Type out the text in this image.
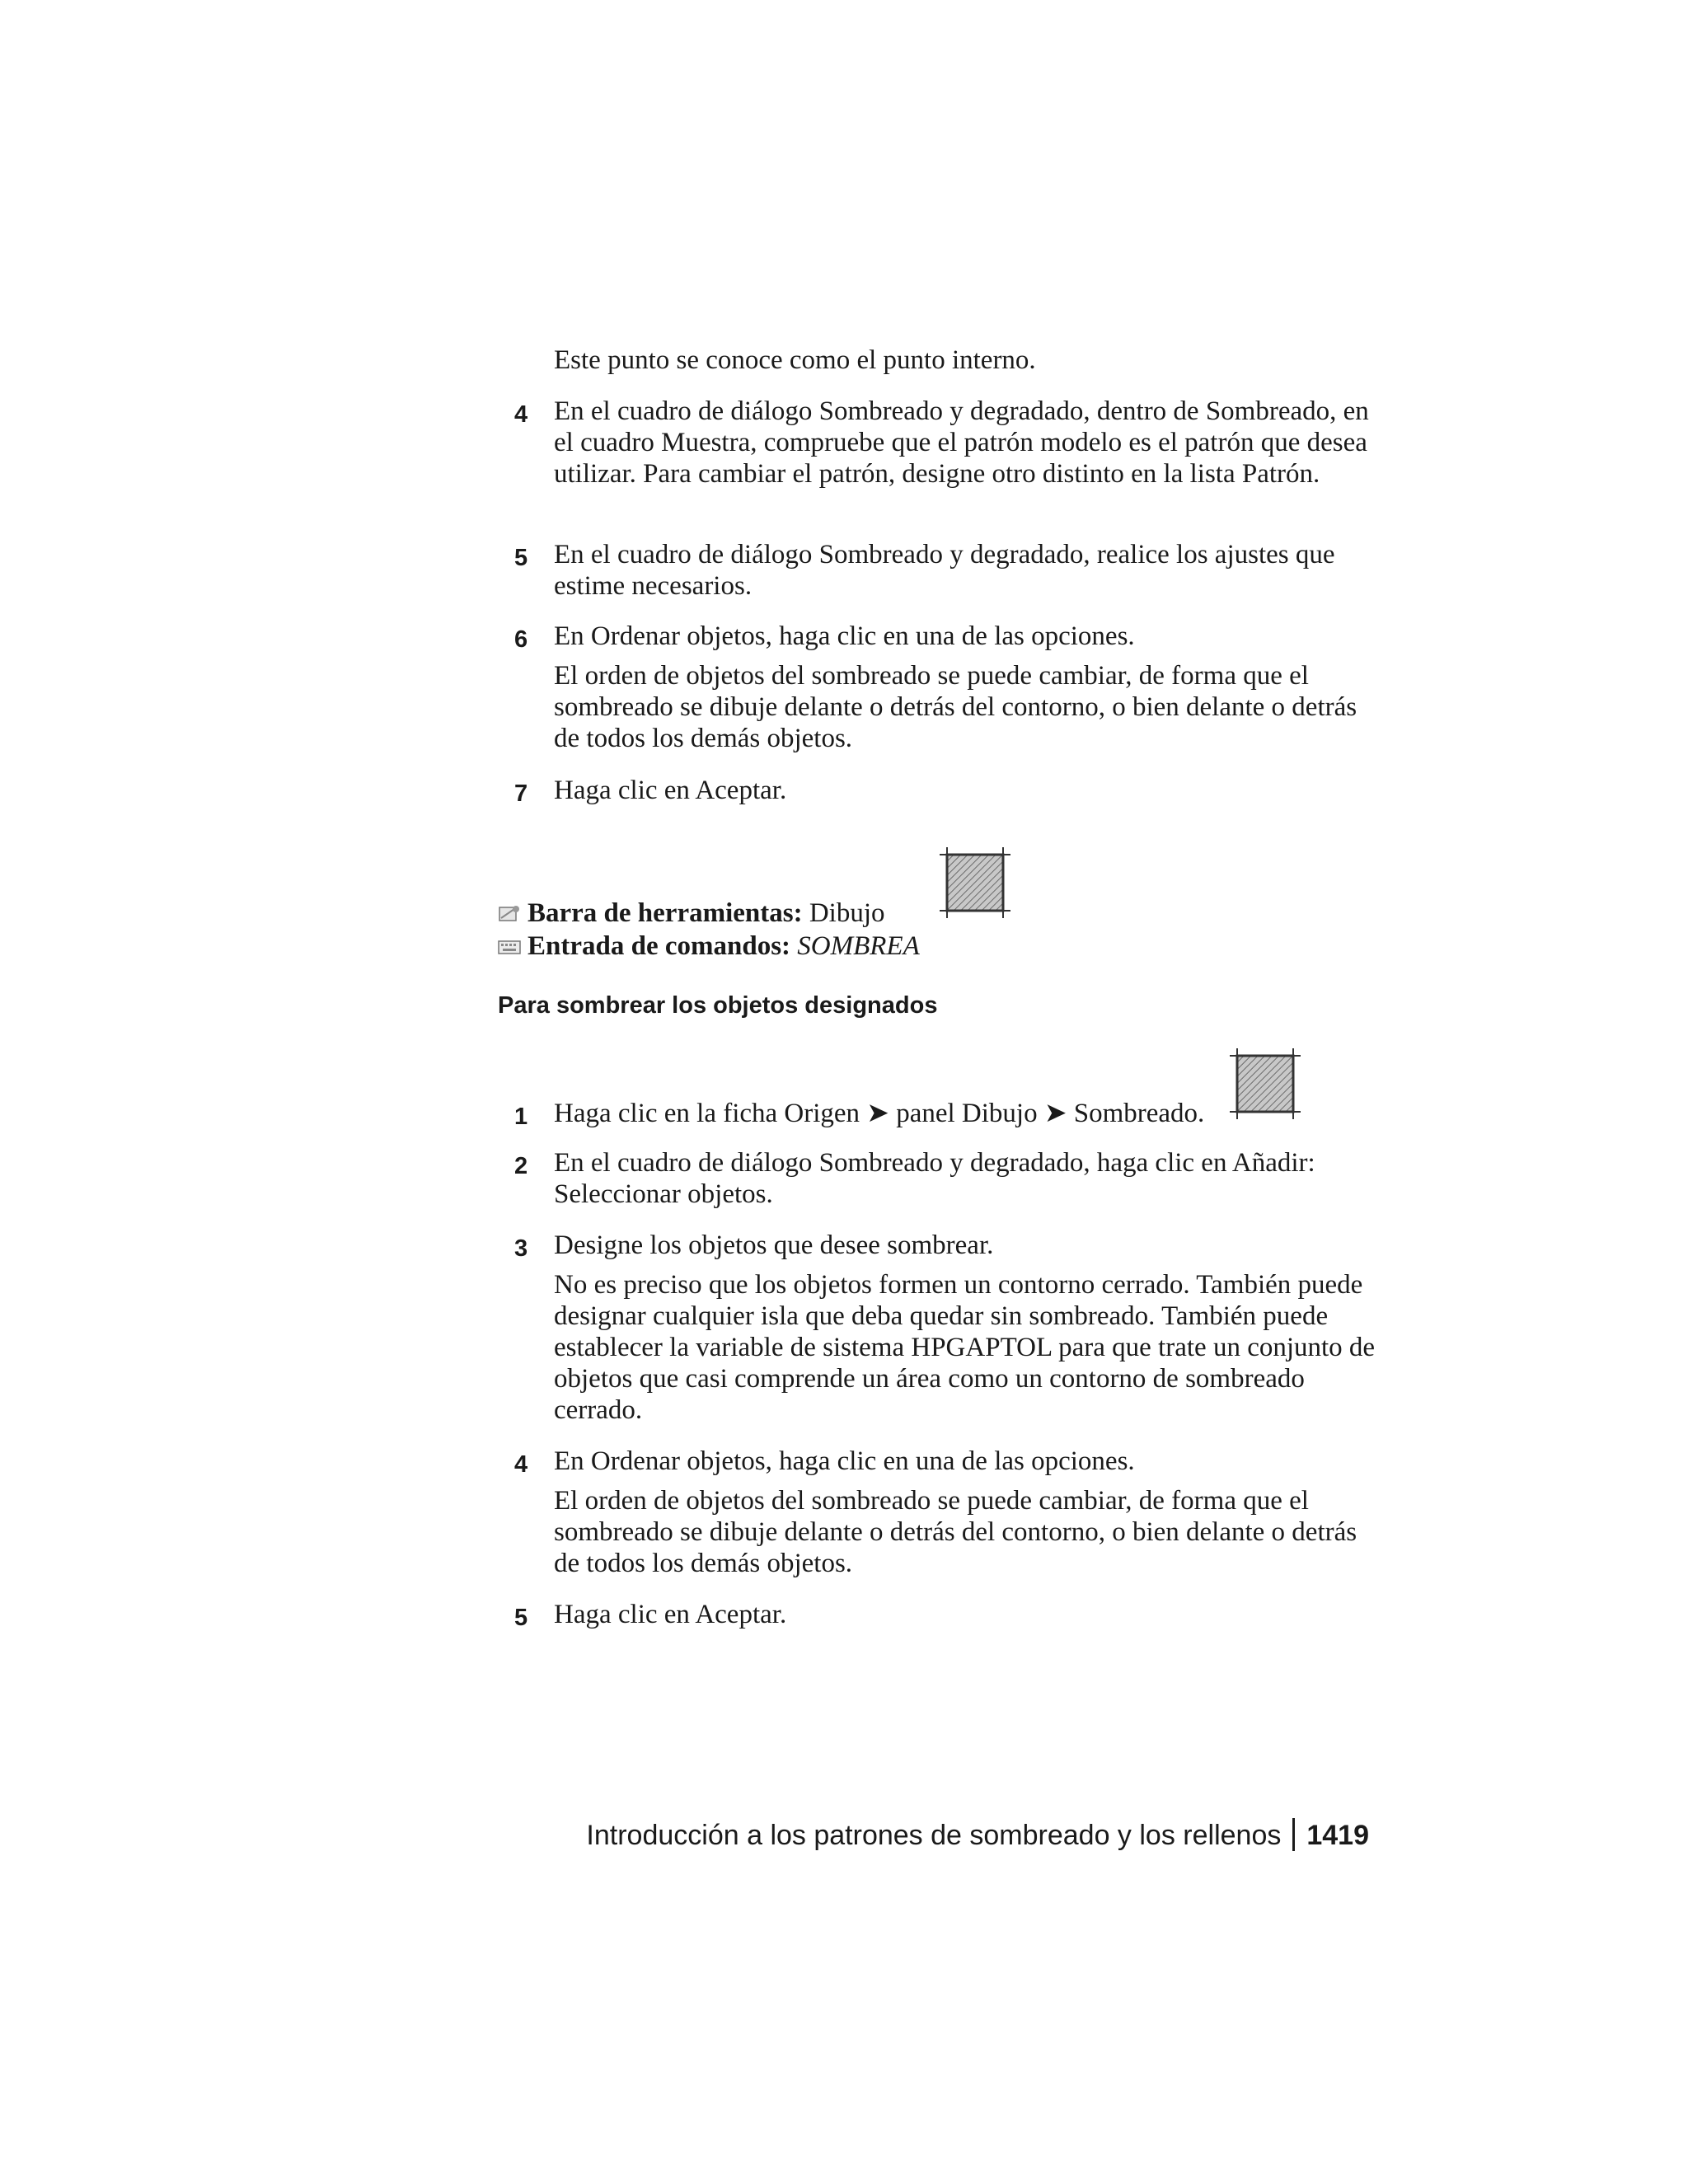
Este punto se conoce como el punto interno.

4 En el cuadro de diálogo Sombreado y degradado, dentro de Sombreado, en el cuadro Muestra, compruebe que el patrón modelo es el patrón que desea utilizar. Para cambiar el patrón, designe otro distinto en la lista Patrón.
5 En el cuadro de diálogo Sombreado y degradado, realice los ajustes que estime necesarios.
6 En Ordenar objetos, haga clic en una de las opciones.

El orden de objetos del sombreado se puede cambiar, de forma que el sombreado se dibuje delante o detrás del contorno, o bien delante o detrás de todos los demás objetos.

7 Haga clic en Aceptar.
Barra de herramientas: Dibujo
Entrada de comandos: SOMBREA
Para sombrear los objetos designados
1 Haga clic en la ficha Origen ➤ panel Dibujo ➤ Sombreado.
2 En el cuadro de diálogo Sombreado y degradado, haga clic en Añadir: Seleccionar objetos.
3 Designe los objetos que desee sombrear.

No es preciso que los objetos formen un contorno cerrado. También puede designar cualquier isla que deba quedar sin sombreado. También puede establecer la variable de sistema HPGAPTOL para que trate un conjunto de objetos que casi comprende un área como un contorno de sombreado cerrado.

4 En Ordenar objetos, haga clic en una de las opciones.

El orden de objetos del sombreado se puede cambiar, de forma que el sombreado se dibuje delante o detrás del contorno, o bien delante o detrás de todos los demás objetos.

5 Haga clic en Aceptar.
Introducción a los patrones de sombreado y los rellenos 1419
